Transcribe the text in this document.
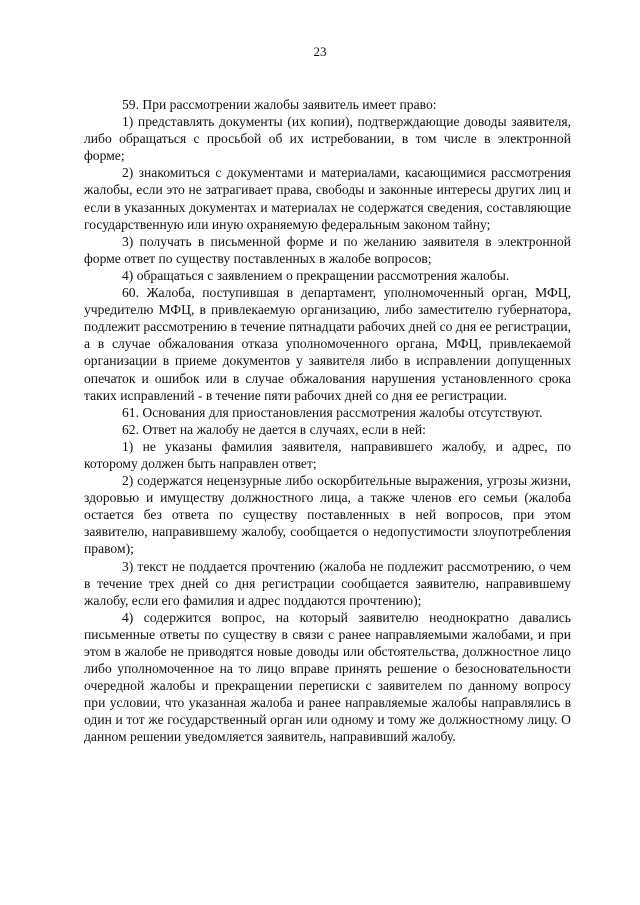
23

59. При рассмотрении жалобы заявитель имеет право:

1) представлять документы (их копии), подтверждающие доводы заявителя, либо обращаться с просьбой об их истребовании, в том числе в электронной форме;

2) знакомиться с документами и материалами, касающимися рассмотрения жалобы, если это не затрагивает права, свободы и законные интересы других лиц и если в указанных документах и материалах не содержатся сведения, составляющие государственную или иную охраняемую федеральным законом тайну;

3) получать в письменной форме и по желанию заявителя в электронной форме ответ по существу поставленных в жалобе вопросов;

4) обращаться с заявлением о прекращении рассмотрения жалобы.

60. Жалоба, поступившая в департамент, уполномоченный орган, МФЦ, учредителю МФЦ, в привлекаемую организацию, либо заместителю губернатора, подлежит рассмотрению в течение пятнадцати рабочих дней со дня ее регистрации, а в случае обжалования отказа уполномоченного органа, МФЦ, привлекаемой организации в приеме документов у заявителя либо в исправлении допущенных опечаток и ошибок или в случае обжалования нарушения установленного срока таких исправлений - в течение пяти рабочих дней со дня ее регистрации.

61. Основания для приостановления рассмотрения жалобы отсутствуют.

62. Ответ на жалобу не дается в случаях, если в ней:

1) не указаны фамилия заявителя, направившего жалобу, и адрес, по которому должен быть направлен ответ;

2) содержатся нецензурные либо оскорбительные выражения, угрозы жизни, здоровью и имуществу должностного лица, а также членов его семьи (жалоба остается без ответа по существу поставленных в ней вопросов, при этом заявителю, направившему жалобу, сообщается о недопустимости злоупотребления правом);

3) текст не поддается прочтению (жалоба не подлежит рассмотрению, о чем в течение трех дней со дня регистрации сообщается заявителю, направившему жалобу, если его фамилия и адрес поддаются прочтению);

4) содержится вопрос, на который заявителю неоднократно давались письменные ответы по существу в связи с ранее направляемыми жалобами, и при этом в жалобе не приводятся новые доводы или обстоятельства, должностное лицо либо уполномоченное на то лицо вправе принять решение о безосновательности очередной жалобы и прекращении переписки с заявителем по данному вопросу при условии, что указанная жалоба и ранее направляемые жалобы направлялись в один и тот же государственный орган или одному и тому же должностному лицу. О данном решении уведомляется заявитель, направивший жалобу.
